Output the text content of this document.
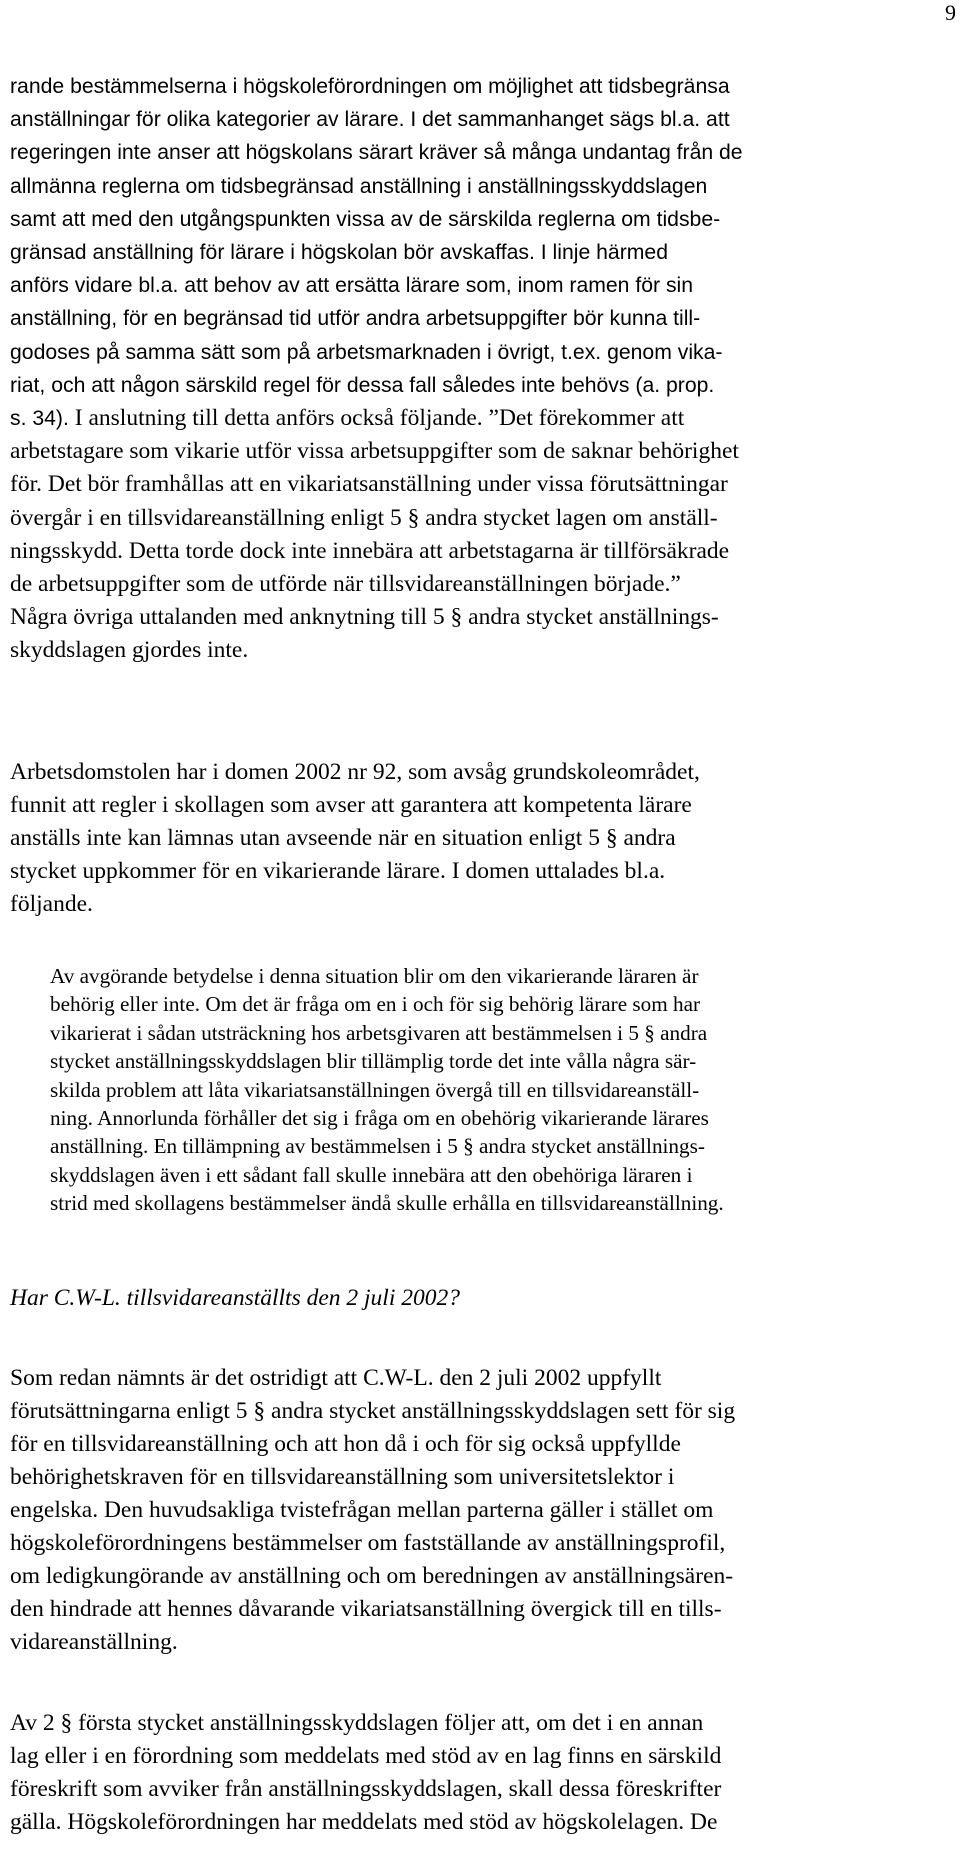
9
rande bestämmelserna i högskoleförordningen om möjlighet att tidsbegränsa
anställningar för olika kategorier av lärare. I det sammanhanget sägs bl.a. att
regeringen inte anser att högskolans särart kräver så många undantag från de
allmänna reglerna om tidsbegränsad anställning i anställningsskyddslagen
samt att med den utgångspunkten vissa av de särskilda reglerna om tidsbe-
gränsad anställning för lärare i högskolan bör avskaffas. I linje härmed
anförs vidare bl.a. att behov av att ersätta lärare som, inom ramen för sin
anställning, för en begränsad tid utför andra arbetsuppgifter bör kunna till-
godoses på samma sätt som på arbetsmarknaden i övrigt, t.ex. genom vika-
riat, och att någon särskild regel för dessa fall således inte behövs (a. prop.
s. 34). I anslutning till detta anförs också följande. ”Det förekommer att
arbetstagare som vikarie utför vissa arbetsuppgifter som de saknar behörighet
för. Det bör framhållas att en vikariatsanställning under vissa förutsättningar
övergår i en tillsvidareanställning enligt 5 § andra stycket lagen om anställ-
ningsskydd. Detta torde dock inte innebära att arbetstagarna är tillförsäkrade
de arbetsuppgifter som de utförde när tillsvidareanställningen började.”
Några övriga uttalanden med anknytning till 5 § andra stycket anställnings-
skyddslagen gjordes inte.
Arbetsdomstolen har i domen 2002 nr 92, som avsåg grundskoleområdet,
funnit att regler i skollagen som avser att garantera att kompetenta lärare
anställs inte kan lämnas utan avseende när en situation enligt 5 § andra
stycket uppkommer för en vikarierande lärare. I domen uttalades bl.a.
följande.
Av avgörande betydelse i denna situation blir om den vikarierande läraren är
behörig eller inte. Om det är fråga om en i och för sig behörig lärare som har
vikarierat i sådan utsträckning hos arbetsgivaren att bestämmelsen i 5 § andra
stycket anställningsskyddslagen blir tillämplig torde det inte vålla några sär-
skilda problem att låta vikariatsanställningen övergå till en tillsvidareanställ-
ning. Annorlunda förhåller det sig i fråga om en obehörig vikarierande lärares
anställning. En tillämpning av bestämmelsen i 5 § andra stycket anställnings-
skyddslagen även i ett sådant fall skulle innebära att den obehöriga läraren i
strid med skollagens bestämmelser ändå skulle erhålla en tillsvidareanställning.
Har C.W-L. tillsvidareanställts den 2 juli 2002?
Som redan nämnts är det ostridigt att C.W-L. den 2 juli 2002 uppfyllt
förutsättningarna enligt 5 § andra stycket anställningsskyddslagen sett för sig
för en tillsvidareanställning och att hon då i och för sig också uppfyllde
behörighetskraven för en tillsvidareanställning som universitetslektor i
engelska. Den huvudsakliga tvistefrågan mellan parterna gäller i stället om
högskoleförordningens bestämmelser om fastställande av anställningsprofil,
om ledigkungörande av anställning och om beredningen av anställningsären-
den hindrade att hennes dåvarande vikariatsanställning övergick till en tills-
vidareanställning.
Av 2 § första stycket anställningsskyddslagen följer att, om det i en annan
lag eller i en förordning som meddelats med stöd av en lag finns en särskild
föreskrift som avviker från anställningsskyddslagen, skall dessa föreskrifter
gälla. Högskoleförordningen har meddelats med stöd av högskolelagen. De
